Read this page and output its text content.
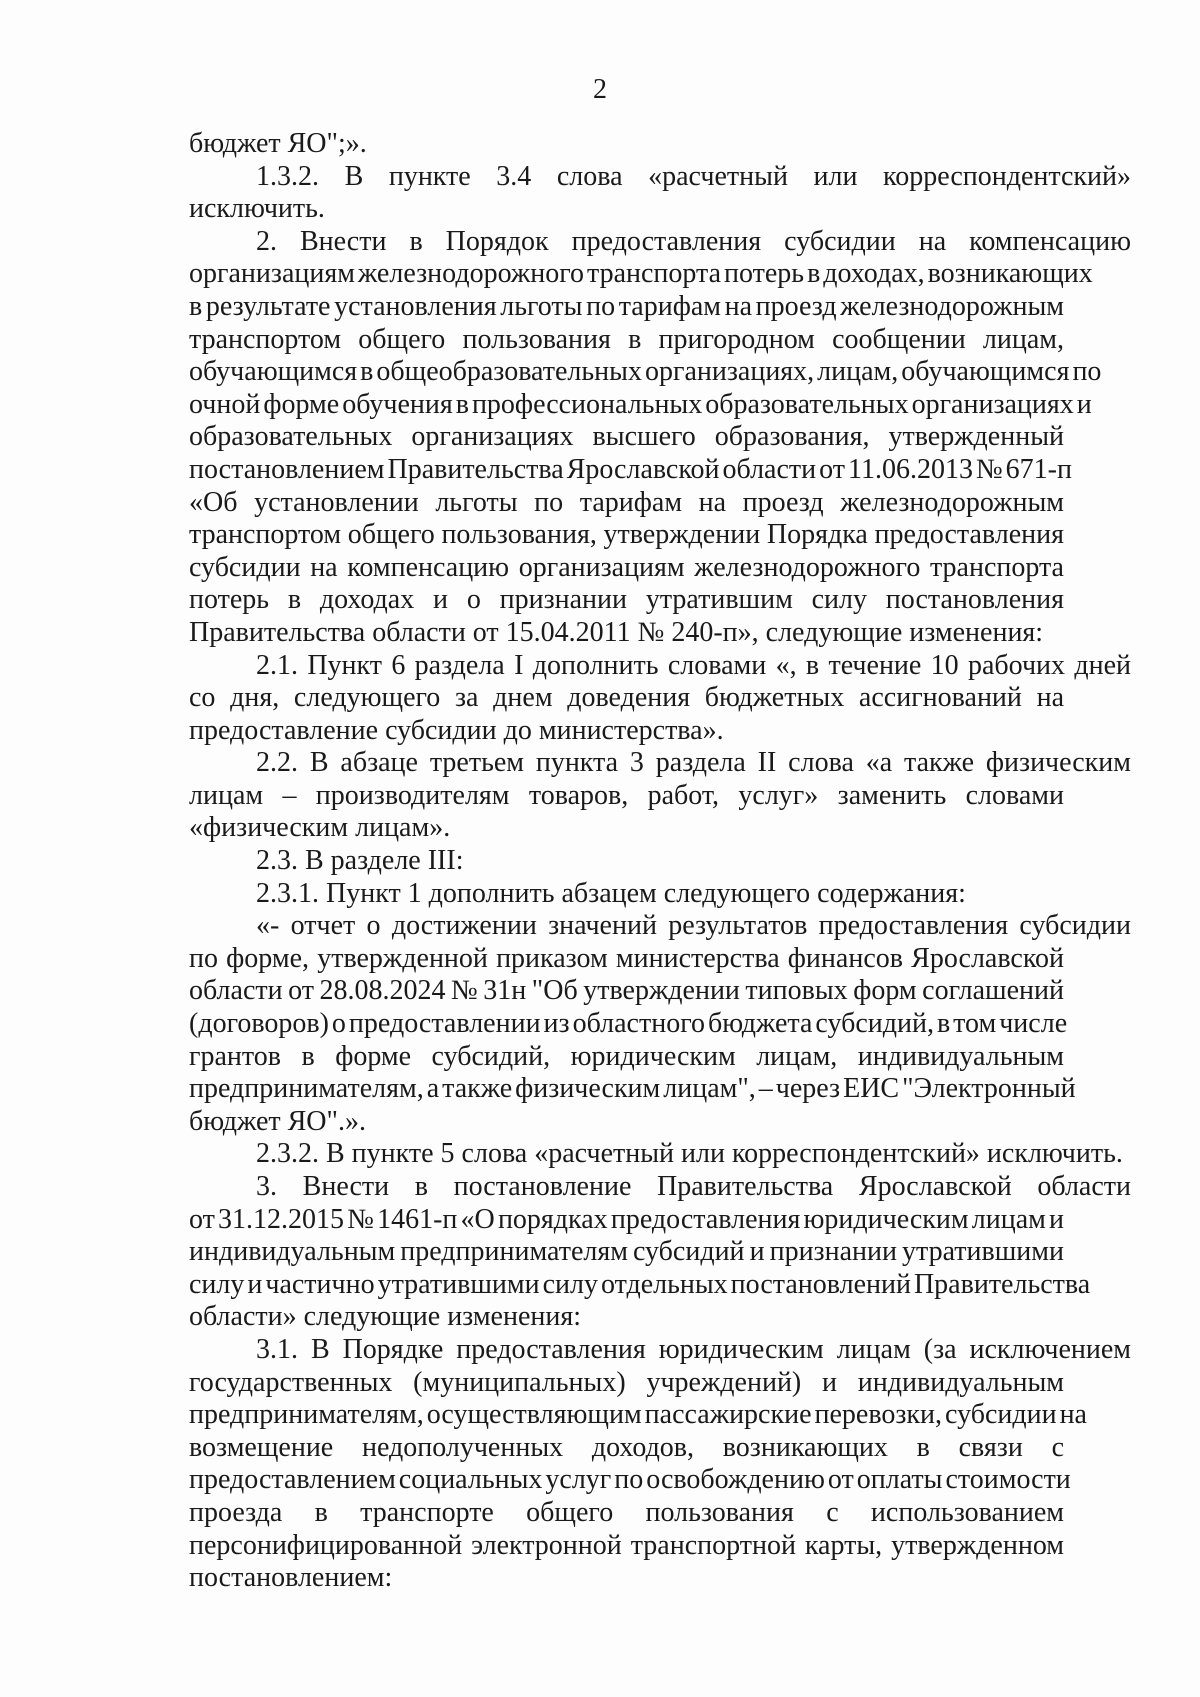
2
бюджет ЯО";».
1.3.2. В пункте 3.4 слова «расчетный или корреспондентский»
исключить.
2. Внести в Порядок предоставления субсидии на компенсацию
организациям железнодорожного транспорта потерь в доходах, возникающих
в результате установления льготы по тарифам на проезд железнодорожным
транспортом общего пользования в пригородном сообщении лицам,
обучающимся в общеобразовательных организациях, лицам, обучающимся по
очной форме обучения в профессиональных образовательных организациях и
образовательных организациях высшего образования, утвержденный
постановлением Правительства Ярославской области от 11.06.2013 № 671-п
«Об установлении льготы по тарифам на проезд железнодорожным
транспортом общего пользования, утверждении Порядка предоставления
субсидии на компенсацию организациям железнодорожного транспорта
потерь в доходах и о признании утратившим силу постановления
Правительства области от 15.04.2011 № 240-п», следующие изменения:
2.1. Пункт 6 раздела I дополнить словами «, в течение 10 рабочих дней
со дня, следующего за днем доведения бюджетных ассигнований на
предоставление субсидии до министерства».
2.2. В абзаце третьем пункта 3 раздела II слова «а также физическим
лицам – производителям товаров, работ, услуг» заменить словами
«физическим лицам».
2.3. В разделе III:
2.3.1. Пункт 1 дополнить абзацем следующего содержания:
«- отчет о достижении значений результатов предоставления субсидии
по форме, утвержденной приказом министерства финансов Ярославской
области от 28.08.2024 № 31н "Об утверждении типовых форм соглашений
(договоров) о предоставлении из областного бюджета субсидий, в том числе
грантов в форме субсидий, юридическим лицам, индивидуальным
предпринимателям, а также физическим лицам", – через ЕИС "Электронный
бюджет ЯО".».
2.3.2. В пункте 5 слова «расчетный или корреспондентский» исключить.
3. Внести в постановление Правительства Ярославской области
от 31.12.2015 № 1461-п «О порядках предоставления юридическим лицам и
индивидуальным предпринимателям субсидий и признании утратившими
силу и частично утратившими силу отдельных постановлений Правительства
области» следующие изменения:
3.1. В Порядке предоставления юридическим лицам (за исключением
государственных (муниципальных) учреждений) и индивидуальным
предпринимателям, осуществляющим пассажирские перевозки, субсидии на
возмещение недополученных доходов, возникающих в связи с
предоставлением социальных услуг по освобождению от оплаты стоимости
проезда в транспорте общего пользования с использованием
персонифицированной электронной транспортной карты, утвержденном
постановлением:
